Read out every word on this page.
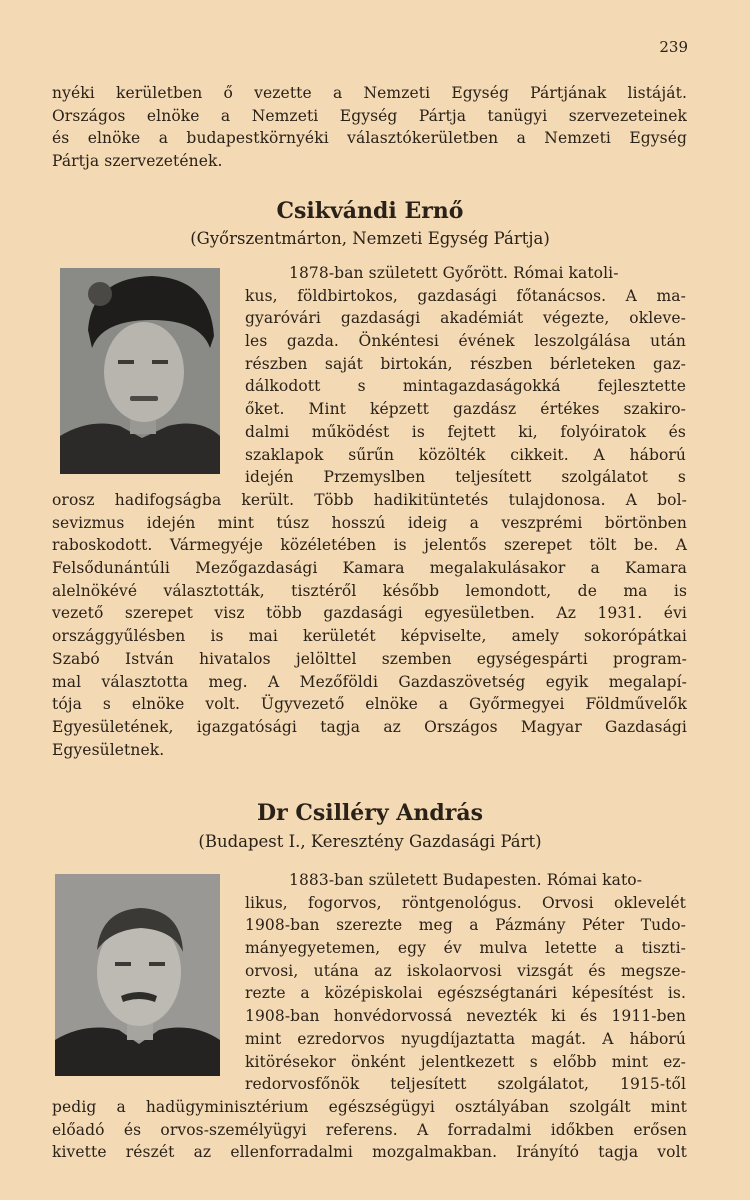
239
nyéki kerületben ő vezette a Nemzeti Egység Pártjának listáját.
Országos elnöke a Nemzeti Egység Pártja tanügyi szervezeteinek
és elnöke a budapestkörnyéki választókerületben a Nemzeti Egység
Pártja szervezetének.
Csikvándi Ernő
(Győrszentmárton, Nemzeti Egység Pártja)
1878-ban született Győrött. Római katoli-
kus, földbirtokos, gazdasági főtanácsos. A ma-
gyaróvári gazdasági akadémiát végezte, okleve-
les gazda. Önkéntesi évének leszolgálása után
részben saját birtokán, részben bérleteken gaz-
dálkodott s mintagazdaságokká fejlesztette
őket. Mint képzett gazdász értékes szakiro-
dalmi működést is fejtett ki, folyóiratok és
szaklapok sűrűn közölték cikkeit. A háború
idején Przemyslben teljesített szolgálatot s
orosz hadifogságba került. Több hadikitüntetés tulajdonosa. A bol-
sevizmus idején mint túsz hosszú ideig a veszprémi börtönben
raboskodott. Vármegyéje közéletében is jelentős szerepet tölt be. A
Felsődunántúli Mezőgazdasági Kamara megalakulásakor a Kamara
alelnökévé választották, tisztéről később lemondott, de ma is
vezető szerepet visz több gazdasági egyesületben. Az 1931. évi
országgyűlésben is mai kerületét képviselte, amely sokorópátkai
Szabó István hivatalos jelölttel szemben egységespárti program-
mal választotta meg. A Mezőföldi Gazdaszövetség egyik megalapí-
tója s elnöke volt. Ügyvezető elnöke a Győrmegyei Földművelők
Egyesületének, igazgatósági tagja az Országos Magyar Gazdasági
Egyesületnek.
Dr Csilléry András
(Budapest I., Keresztény Gazdasági Párt)
1883-ban született Budapesten. Római kato-
likus, fogorvos, röntgenológus. Orvosi oklevelét
1908-ban szerezte meg a Pázmány Péter Tudo-
mányegyetemen, egy év mulva letette a tiszti-
orvosi, utána az iskolaorvosi vizsgát és megsze-
rezte a középiskolai egészségtanári képesítést is.
1908-ban honvédorvossá nevezték ki és 1911-ben
mint ezredorvos nyugdíjaztatta magát. A háború
kitörésekor önként jelentkezett s előbb mint ez-
redorvosfőnök teljesített szolgálatot, 1915-től
pedig a hadügyminisztérium egészségügyi osztályában szolgált mint
előadó és orvos-személyügyi referens. A forradalmi időkben erősen
kivette részét az ellenforradalmi mozgalmakban. Irányító tagja volt
